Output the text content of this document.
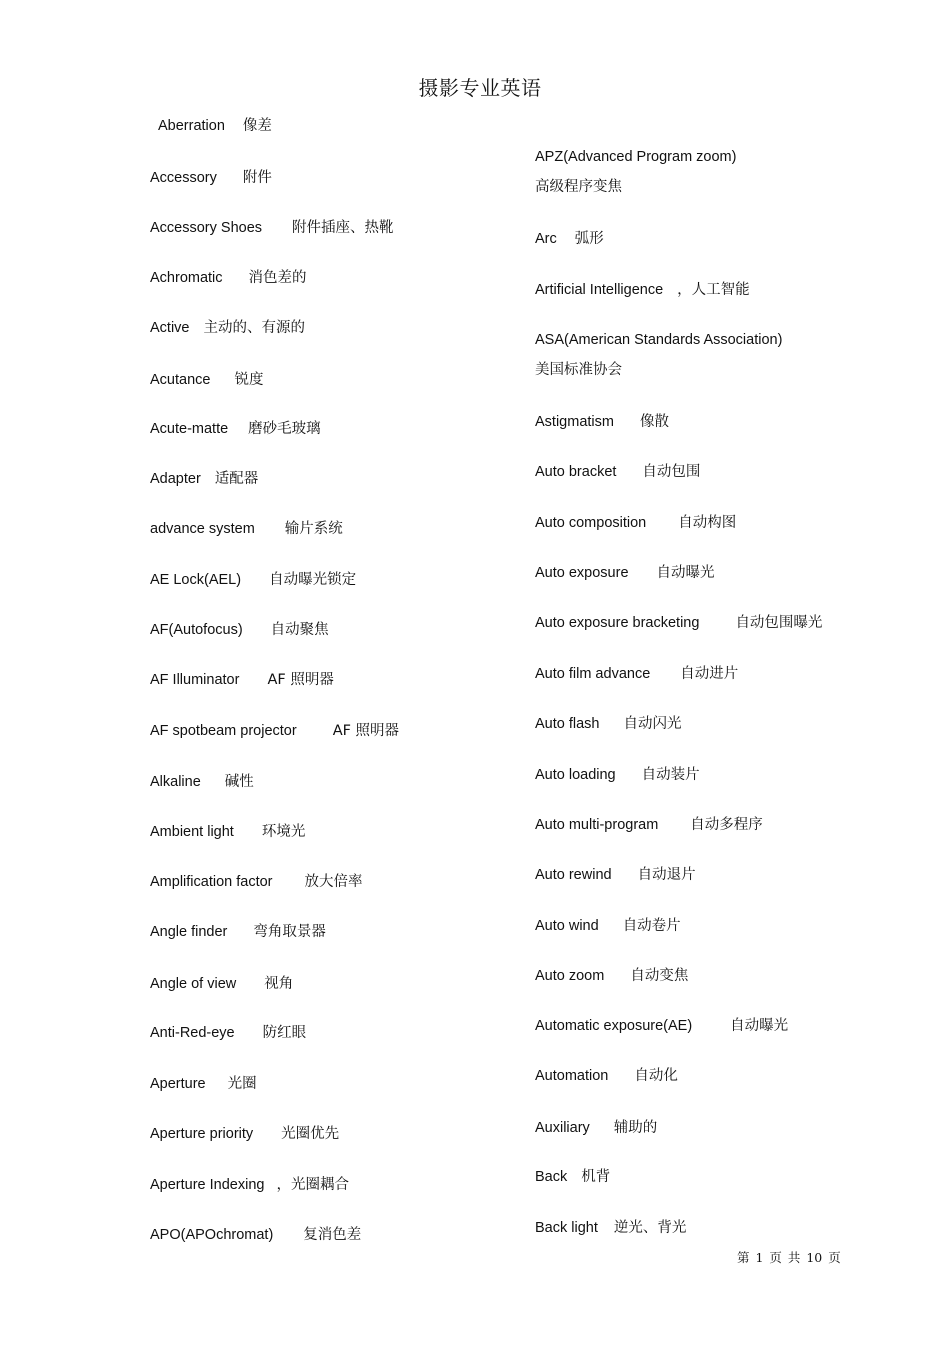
摄影专业英语
Aberration 像差
Accessory 附件
Accessory Shoes 附件插座、热靴
Achromatic 消色差的
Active 主动的、有源的
Acutance 锐度
Acute-matte 磨砂毛玻璃
Adapter 适配器
advance system 输片系统
AE Lock(AEL) 自动曝光锁定
AF(Autofocus) 自动聚焦
AF Illuminator AF 照明器
AF spotbeam projector AF 照明器
Alkaline 碱性
Ambient light 环境光
Amplification factor 放大倍率
Angle finder 弯角取景器
Angle of view 视角
Anti-Red-eye 防红眼
Aperture 光圈
Aperture priority 光圈优先
Aperture Indexing ，光圈耦合
APO(APOchromat) 复消色差
APZ(Advanced Program zoom)
高级程序变焦
Arc 弧形
Artificial Intelligence ，人工智能
ASA(American Standards Association)
美国标准协会
Astigmatism 像散
Auto bracket 自动包围
Auto composition 自动构图
Auto exposure 自动曝光
Auto exposure bracketing 自动包围曝光
Auto film advance 自动进片
Auto flash 自动闪光
Auto loading 自动装片
Auto multi-program 自动多程序
Auto rewind 自动退片
Auto wind 自动卷片
Auto zoom 自动变焦
Automatic exposure(AE)	自动曝光
Automation 自动化
Auxiliary 辅助的
Back 机背
Back light 逆光、背光
第 1 页 共 10 页
